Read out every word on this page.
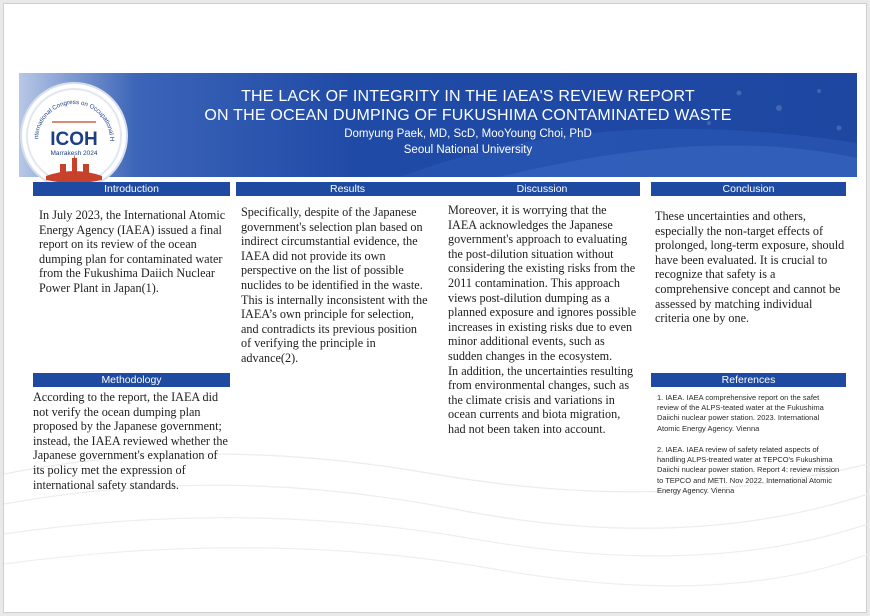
THE LACK OF INTEGRITY IN THE IAEA'S REVIEW REPORT
ON THE OCEAN DUMPING OF FUKUSHIMA CONTAMINATED WASTE
Domyung Paek, MD, ScD, MooYoung Choi, PhD
Seoul National University
nternational Congress on Occupational H
ICOH
Marrakesh 2024
Introduction
In July 2023, the International Atomic Energy Agency (IAEA) issued a final report on its review of the ocean dumping plan for contaminated water from the Fukushima Daiich Nuclear Power Plant in Japan(1).
Methodology
According to the report, the IAEA did not verify the ocean dumping plan proposed by the Japanese government; instead, the IAEA reviewed whether the Japanese government's explanation of its policy met the expression of international safety standards.
Results
Specifically, despite of the Japanese government's selection plan based on indirect circumstantial evidence, the IAEA did not provide its own perspective on the list of possible nuclides to be identified in the waste. This is internally inconsistent with the IAEA’s own principle for selection, and contradicts its previous position of verifying the principle in advance(2).
Discussion
Moreover, it is worrying that the IAEA acknowledges the Japanese government's approach to evaluating the post-dilution situation without considering the existing risks from the 2011 contamination. This approach views post-dilution dumping as a planned exposure and ignores possible increases in existing risks due to even minor additional events, such as sudden changes in the ecosystem.
In addition, the uncertainties resulting from environmental changes, such as the climate crisis and variations in ocean currents and biota migration, had not been taken into account.
Conclusion
These uncertainties and others, especially the non-target effects of prolonged, long-term exposure, should have been evaluated. It is crucial to recognize that safety is a comprehensive concept and cannot be assessed by matching individual criteria one by one.
References
1. IAEA. IAEA comprehensive report on the safet review of the ALPS-teated water at the Fukushima Daiichi nuclear power station. 2023. International Atomic Energy Agency. Vienna
2. IAEA. IAEA review of safety related aspects of handling ALPS-treated water at TEPCO's Fukushima Daiichi nuclear power station. Report 4: review mission to TEPCO and METI. Nov 2022. International Atomic Energy Agency. Vienna
